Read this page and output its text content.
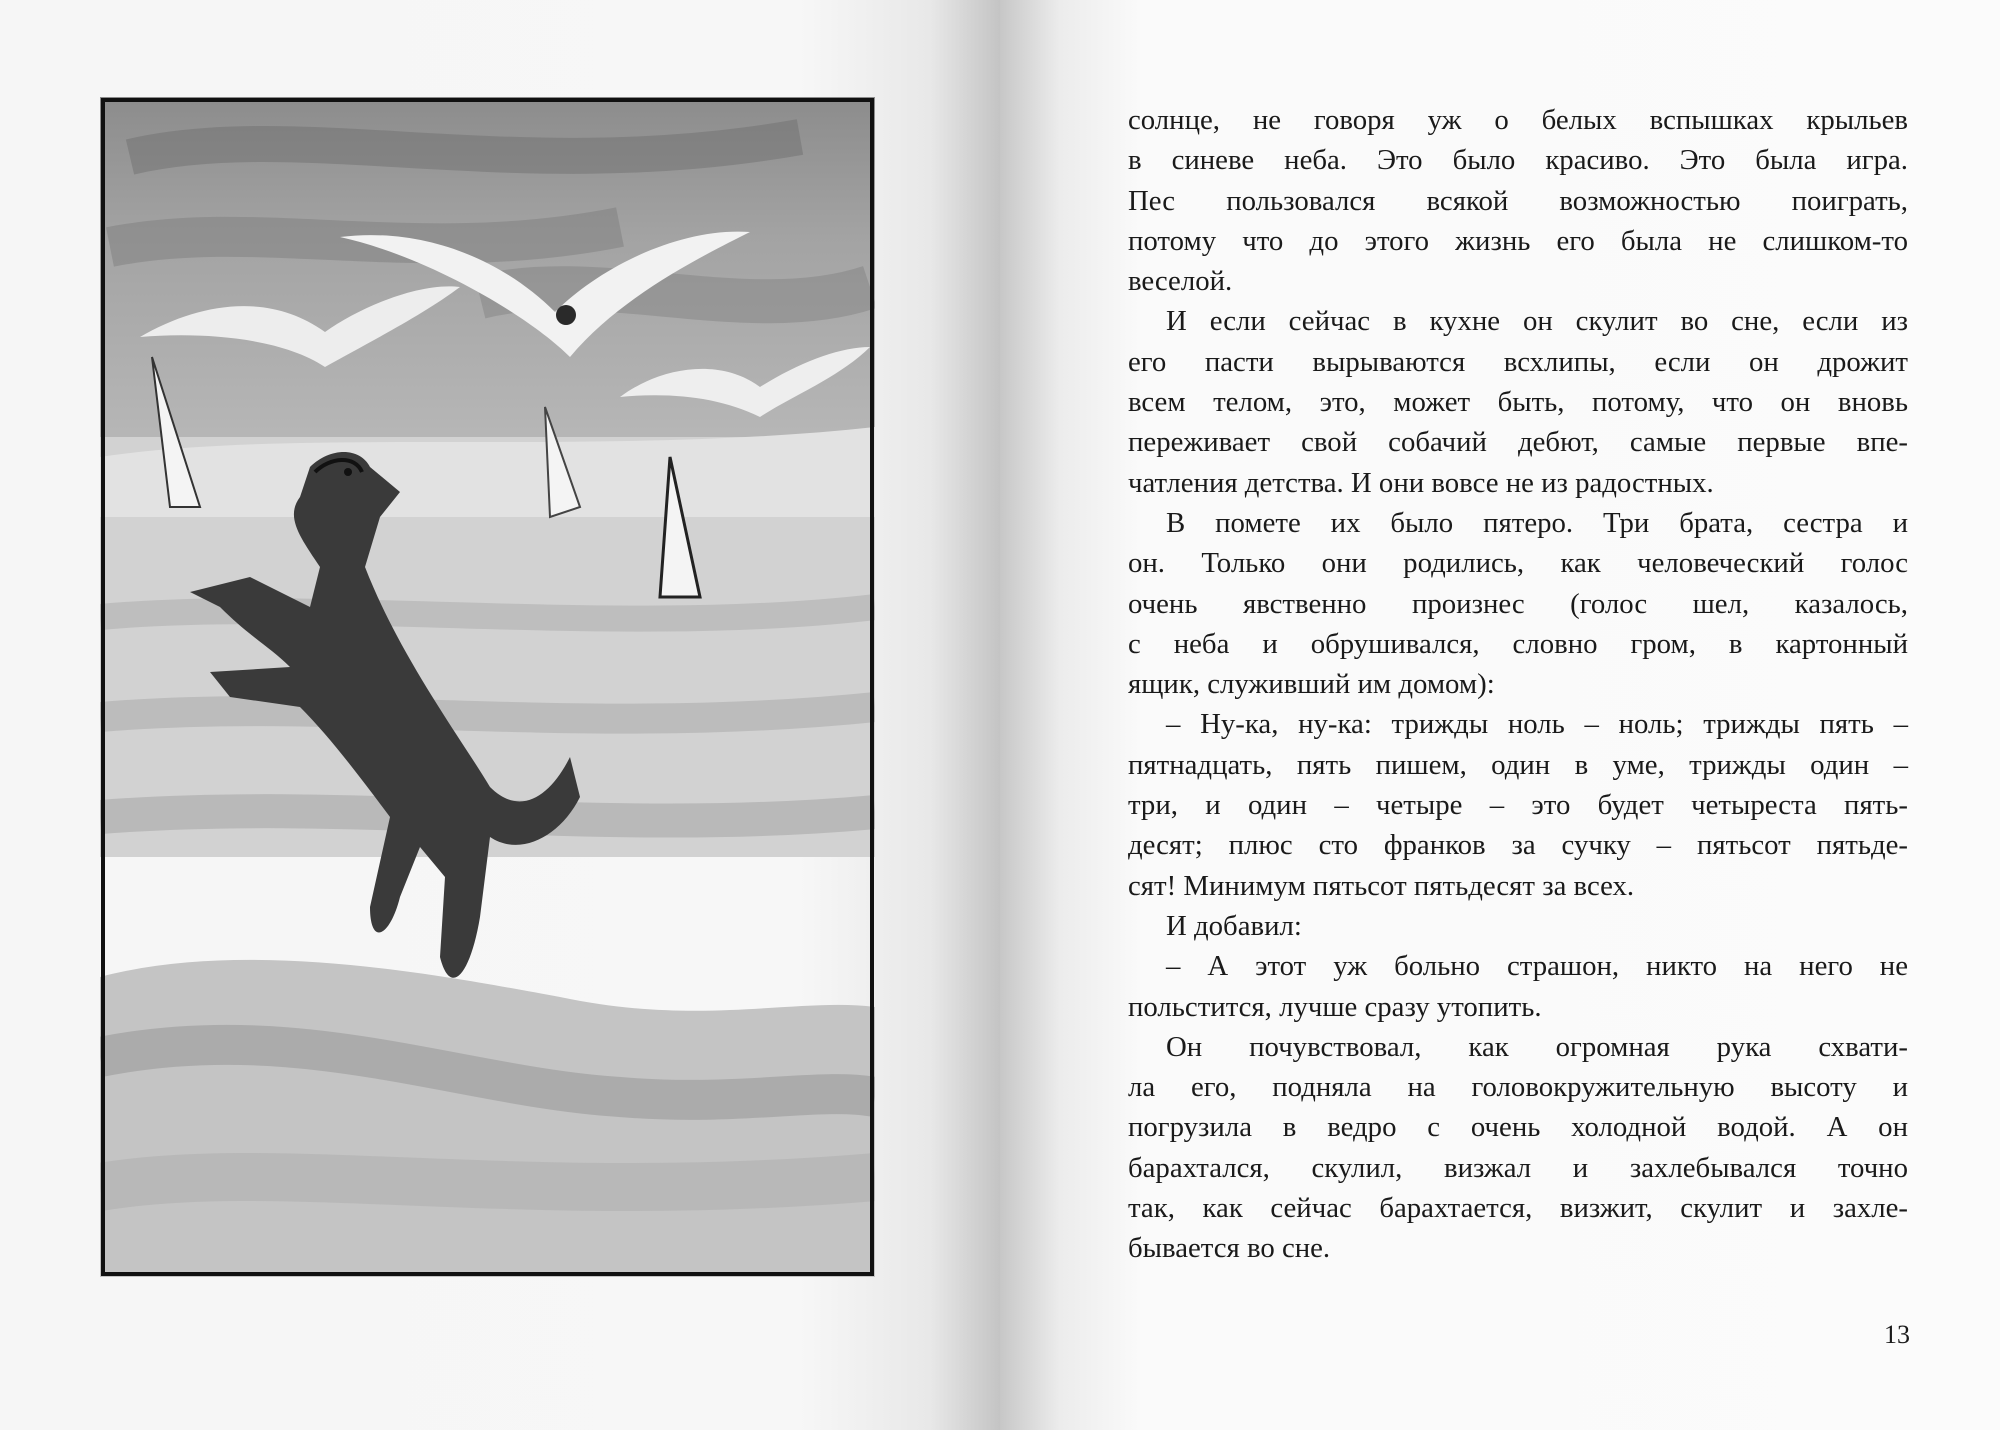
солнце, не говоря уж о белых вспышках крыльев
в синеве неба. Это было красиво. Это была игра.
Пес пользовался всякой возможностью поиграть,
потому что до этого жизнь его была не слишком-то
веселой.
И если сейчас в кухне он скулит во сне, если из
его пасти вырываются всхлипы, если он дрожит
всем телом, это, может быть, потому, что он вновь
переживает свой собачий дебют, самые первые впе-
чатления детства. И они вовсе не из радостных.
В помете их было пятеро. Три брата, сестра и
он. Только они родились, как человеческий голос
очень явственно произнес (голос шел, казалось,
с неба и обрушивался, словно гром, в картонный
ящик, служивший им домом):
– Ну-ка, ну-ка: трижды ноль – ноль; трижды пять –
пятнадцать, пять пишем, один в уме, трижды один –
три, и один – четыре – это будет четыреста пять-
десят; плюс сто франков за сучку – пятьсот пятьде-
сят! Минимум пятьсот пятьдесят за всех.
И добавил:
– А этот уж больно страшон, никто на него не
польстится, лучше сразу утопить.
Он почувствовал, как огромная рука схвати-
ла его, подняла на головокружительную высоту и
погрузила в ведро с очень холодной водой. А он
барахтался, скулил, визжал и захлебывался точно
так, как сейчас барахтается, визжит, скулит и захле-
бывается во сне.
13
